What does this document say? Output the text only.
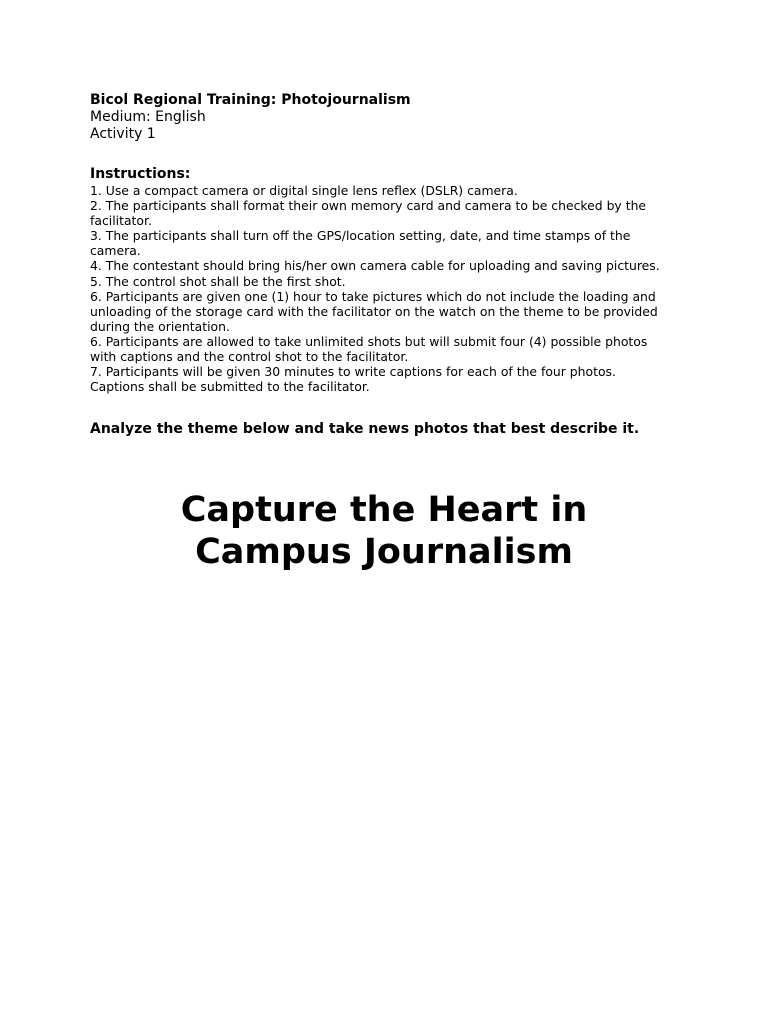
Bicol Regional Training: Photojournalism
Medium: English
Activity 1
Instructions:
1. Use a compact camera or digital single lens reflex (DSLR) camera.
2. The participants shall format their own memory card and camera to be checked by the
facilitator.
3. The participants shall turn off the GPS/location setting, date, and time stamps of the
camera.
4. The contestant should bring his/her own camera cable for uploading and saving pictures.
5. The control shot shall be the first shot.
6. Participants are given one (1) hour to take pictures which do not include the loading and
unloading of the storage card with the facilitator on the watch on the theme to be provided
during the orientation.
6. Participants are allowed to take unlimited shots but will submit four (4) possible photos
with captions and the control shot to the facilitator.
7. Participants will be given 30 minutes to write captions for each of the four photos.
Captions shall be submitted to the facilitator.
Analyze the theme below and take news photos that best describe it.
Capture the Heart in
Campus Journalism
